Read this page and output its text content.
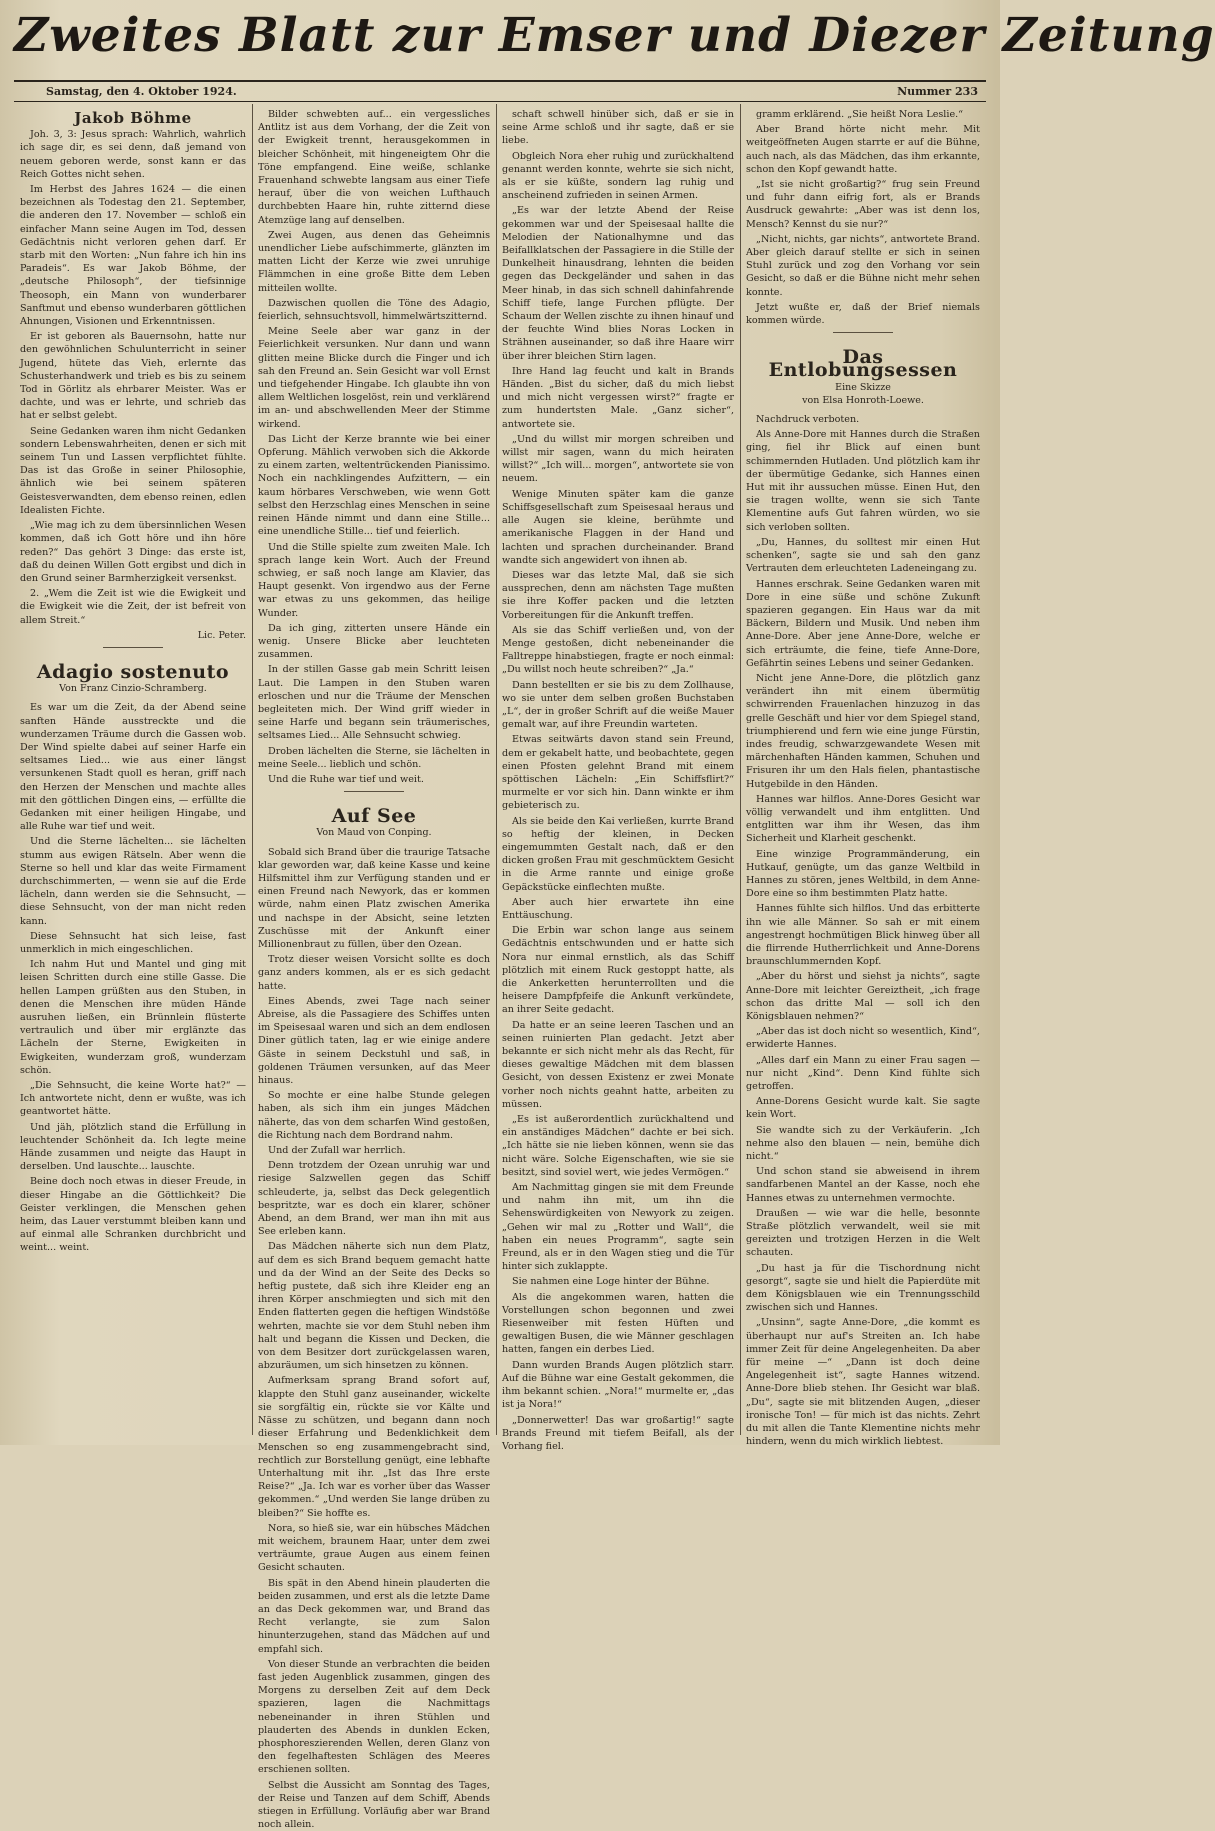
Zweites Blatt zur Emser und Diezer Zeitung
Samstag, den 4. Oktober 1924.	Nummer 233
Jakob Böhme

Joh. 3, 3: Jesus sprach: Wahrlich, wahrlich ich sage dir, es sei denn, daß jemand von neuem geboren werde, sonst kann er das Reich Gottes nicht sehen.

Im Herbst des Jahres 1624 — die einen bezeichnen als Todestag den 21. September, die anderen den 17. November — schloß ein einfacher Mann seine Augen im Tod, dessen Gedächtnis nicht verloren gehen darf. Er starb mit den Worten: „Nun fahre ich hin ins Paradeis“. Es war Jakob Böhme, der „deutsche Philosoph“, der tiefsinnige Theosoph, ein Mann von wunderbarer Sanftmut und ebenso wunderbaren göttlichen Ahnungen, Visionen und Erkenntnissen.

Er ist geboren als Bauernsohn, hatte nur den gewöhnlichen Schulunterricht in seiner Jugend, hütete das Vieh, erlernte das Schusterhandwerk und trieb es bis zu seinem Tod in Görlitz als ehrbarer Meister. Was er dachte, und was er lehrte, und schrieb das hat er selbst gelebt.

Seine Gedanken waren ihm nicht Gedanken sondern Lebenswahrheiten, denen er sich mit seinem Tun und Lassen verpflichtet fühlte. Das ist das Große in seiner Philosophie, ähnlich wie bei seinem späteren Geistesverwandten, dem ebenso reinen, edlen Idealisten Fichte.

„Wie mag ich zu dem übersinnlichen Wesen kommen, daß ich Gott höre und ihn höre reden?“ Das gehört 3 Dinge: das erste ist, daß du deinen Willen Gott ergibst und dich in den Grund seiner Barmherzigkeit versenkst.

2. „Wem die Zeit ist wie die Ewigkeit und die Ewigkeit wie die Zeit, der ist befreit von allem Streit.“

Lic. Peter.
Adagio sostenuto
Von Franz Cinzio-Schramberg.

Es war um die Zeit, da der Abend seine sanften Hände ausstreckte und die wunderzamen Träume durch die Gassen wob. Der Wind spielte dabei auf seiner Harfe ein seltsames Lied... wie aus einer längst versunkenen Stadt quoll es heran, griff nach den Herzen der Menschen und machte alles mit den göttlichen Dingen eins, — erfüllte die Gedanken mit einer heiligen Hingabe, und alle Ruhe war tief und weit.

Und die Sterne lächelten... sie lächelten stumm aus ewigen Rätseln. Aber wenn die Sterne so hell und klar das weite Firmament durchschimmerten, — wenn sie auf die Erde lächeln, dann werden sie die Sehnsucht, — diese Sehnsucht, von der man nicht reden kann.

Diese Sehnsucht hat sich leise, fast unmerklich in mich eingeschlichen.

Ich nahm Hut und Mantel und ging mit leisen Schritten durch eine stille Gasse. Die hellen Lampen grüßten aus den Stuben, in denen die Menschen ihre müden Hände ausruhen ließen, ein Brünnlein flüsterte vertraulich und über mir erglänzte das Lächeln der Sterne, Ewigkeiten in Ewigkeiten, wunderzam groß, wunderzam schön.

„Die Sehnsucht, die keine Worte hat?“ — Ich antwortete nicht, denn er wußte, was ich geantwortet hätte.

Und jäh, plötzlich stand die Erfüllung in leuchtender Schönheit da. Ich legte meine Hände zusammen und neigte das Haupt in derselben. Und lauschte... lauschte.

Beine doch noch etwas in dieser Freude, in dieser Hingabe an die Göttlichkeit? Die Geister verklingen, die Menschen gehen heim, das Lauer verstummt bleiben kann und auf einmal alle Schranken durchbricht und weint... weint.

Bilder schwebten auf... ein vergessliches Antlitz ist aus dem Vorhang, der die Zeit von der Ewigkeit trennt, herausgekommen in bleicher Schönheit, mit hingeneigtem Ohr die Töne empfangend. Eine weiße, schlanke Frauenhand schwebte langsam aus einer Tiefe herauf, über die von weichen Lufthauch durchbebten Haare hin, ruhte zitternd diese Atemzüge lang auf denselben.

Zwei Augen, aus denen das Geheimnis unendlicher Liebe aufschimmerte, glänzten im matten Licht der Kerze wie zwei unruhige Flämmchen in eine große Bitte dem Leben mitteilen wollte.

Dazwischen quollen die Töne des Adagio, feierlich, sehnsuchtsvoll, himmelwärtszitternd.

Meine Seele aber war ganz in der Feierlichkeit versunken. Nur dann und wann glitten meine Blicke durch die Finger und ich sah den Freund an. Sein Gesicht war voll Ernst und tiefgehender Hingabe. Ich glaubte ihn von allem Weltlichen losgelöst, rein und verklärend im an- und abschwellenden Meer der Stimme wirkend.

Das Licht der Kerze brannte wie bei einer Opferung. Mählich verwoben sich die Akkorde zu einem zarten, weltentrückenden Pianissimo. Noch ein nachklingendes Aufzittern, — ein kaum hörbares Verschweben, wie wenn Gott selbst den Herzschlag eines Menschen in seine reinen Hände nimmt und dann eine Stille... eine unendliche Stille... tief und feierlich.

Und die Stille spielte zum zweiten Male. Ich sprach lange kein Wort. Auch der Freund schwieg, er saß noch lange am Klavier, das Haupt gesenkt. Von irgendwo aus der Ferne war etwas zu uns gekommen, das heilige Wunder.

Da ich ging, zitterten unsere Hände ein wenig. Unsere Blicke aber leuchteten zusammen.

In der stillen Gasse gab mein Schritt leisen Laut. Die Lampen in den Stuben waren erloschen und nur die Träume der Menschen begleiteten mich. Der Wind griff wieder in seine Harfe und begann sein träumerisches, seltsames Lied... Alle Sehnsucht schwieg.

Droben lächelten die Sterne, sie lächelten in meine Seele... lieblich und schön.

Und die Ruhe war tief und weit.

Auf See
Von Maud von Conping.

Sobald sich Brand über die traurige Tatsache klar geworden war, daß keine Kasse und keine Hilfsmittel ihm zur Verfügung standen und er einen Freund nach Newyork, das er kommen würde, nahm einen Platz zwischen Amerika und nachspe in der Absicht, seine letzten Zuschüsse mit der Ankunft einer Millionenbraut zu füllen, über den Ozean.

Trotz dieser weisen Vorsicht sollte es doch ganz anders kommen, als er es sich gedacht hatte.

Eines Abends, zwei Tage nach seiner Abreise, als die Passagiere des Schiffes unten im Speisesaal waren und sich an dem endlosen Diner gütlich taten, lag er wie einige andere Gäste in seinem Deckstuhl und saß, in goldenen Träumen versunken, auf das Meer hinaus.

So mochte er eine halbe Stunde gelegen haben, als sich ihm ein junges Mädchen näherte, das von dem scharfen Wind gestoßen, die Richtung nach dem Bordrand nahm.

Und der Zufall war herrlich.

Denn trotzdem der Ozean unruhig war und riesige Salzwellen gegen das Schiff schleuderte, ja, selbst das Deck gelegentlich bespritzte, war es doch ein klarer, schöner Abend, an dem Brand, wer man ihn mit aus See erleben kann.

Das Mädchen näherte sich nun dem Platz, auf dem es sich Brand bequem gemacht hatte und da der Wind an der Seite des Decks so heftig pustete, daß sich ihre Kleider eng an ihren Körper anschmiegten und sich mit den Enden flatterten gegen die heftigen Windstöße wehrten, machte sie vor dem Stuhl neben ihm halt und begann die Kissen und Decken, die von dem Besitzer dort zurückgelassen waren, abzuräumen, um sich hinsetzen zu können.

Aufmerksam sprang Brand sofort auf, klappte den Stuhl ganz auseinander, wickelte sie sorgfältig ein, rückte sie vor Kälte und Nässe zu schützen, und begann dann noch dieser Erfahrung und Bedenklichkeit dem Menschen so eng zusammengebracht sind, rechtlich zur Borstellung genügt, eine lebhafte Unterhaltung mit ihr. „Ist das Ihre erste Reise?“ „Ja. Ich war es vorher über das Wasser gekommen.“ „Und werden Sie lange drüben zu bleiben?“ Sie hoffte es.

Nora, so hieß sie, war ein hübsches Mädchen mit weichem, braunem Haar, unter dem zwei verträumte, graue Augen aus einem feinen Gesicht schauten.

Bis spät in den Abend hinein plauderten die beiden zusammen, und erst als die letzte Dame an das Deck gekommen war, und Brand das Recht verlangte, sie zum Salon hinunterzugehen, stand das Mädchen auf und empfahl sich.

Von dieser Stunde an verbrachten die beiden fast jeden Augenblick zusammen, gingen des Morgens zu derselben Zeit auf dem Deck spazieren, lagen die Nachmittags nebeneinander in ihren Stühlen und plauderten des Abends in dunklen Ecken, phosphoreszierenden Wellen, deren Glanz von den fegelhaftesten Schlägen des Meeres erschienen sollten.

Selbst die Aussicht am Sonntag des Tages, der Reise und Tanzen auf dem Schiff, Abends stiegen in Erfüllung. Vorläufig aber war Brand noch allein.

schaft schwell hinüber sich, daß er sie in seine Arme schloß und ihr sagte, daß er sie liebe.

Obgleich Nora eher ruhig und zurückhaltend genannt werden konnte, wehrte sie sich nicht, als er sie küßte, sondern lag ruhig und anscheinend zufrieden in seinen Armen.

„Es war der letzte Abend der Reise gekommen war und der Speisesaal hallte die Melodien der Nationalhymne und das Beifallklatschen der Passagiere in die Stille der Dunkelheit hinausdrang, lehnten die beiden gegen das Deckgeländer und sahen in das Meer hinab, in das sich schnell dahinfahrende Schiff tiefe, lange Furchen pflügte. Der Schaum der Wellen zischte zu ihnen hinauf und der feuchte Wind blies Noras Locken in Strähnen auseinander, so daß ihre Haare wirr über ihrer bleichen Stirn lagen.

Ihre Hand lag feucht und kalt in Brands Händen. „Bist du sicher, daß du mich liebst und mich nicht vergessen wirst?“ fragte er zum hundertsten Male. „Ganz sicher“, antwortete sie.

„Und du willst mir morgen schreiben und willst mir sagen, wann du mich heiraten willst?“ „Ich will... morgen“, antwortete sie von neuem.

Wenige Minuten später kam die ganze Schiffsgesellschaft zum Speisesaal heraus und alle Augen sie kleine, berühmte und amerikanische Flaggen in der Hand und lachten und sprachen durcheinander. Brand wandte sich angewidert von ihnen ab.

Dieses war das letzte Mal, daß sie sich aussprechen, denn am nächsten Tage mußten sie ihre Koffer packen und die letzten Vorbereitungen für die Ankunft treffen.

Als sie das Schiff verließen und, von der Menge gestoßen, dicht nebeneinander die Falltreppe hinabstiegen, fragte er noch einmal: „Du willst noch heute schreiben?“ „Ja.“

Dann bestellten er sie bis zu dem Zollhause, wo sie unter dem selben großen Buchstaben „L“, der in großer Schrift auf die weiße Mauer gemalt war, auf ihre Freundin warteten.

Etwas seitwärts davon stand sein Freund, dem er gekabelt hatte, und beobachtete, gegen einen Pfosten gelehnt Brand mit einem spöttischen Lächeln: „Ein Schiffsflirt?“ murmelte er vor sich hin. Dann winkte er ihm gebieterisch zu.

Als sie beide den Kai verließen, kurrte Brand so heftig der kleinen, in Decken eingemummten Gestalt nach, daß er den dicken großen Frau mit geschmücktem Gesicht in die Arme rannte und einige große Gepäckstücke einflechten mußte.

Aber auch hier erwartete ihn eine Enttäuschung.

Die Erbin war schon lange aus seinem Gedächtnis entschwunden und er hatte sich Nora nur einmal ernstlich, als das Schiff plötzlich mit einem Ruck gestoppt hatte, als die Ankerketten herunterrollten und die heisere Dampfpfeife die Ankunft verkündete, an ihrer Seite gedacht.

Da hatte er an seine leeren Taschen und an seinen ruinierten Plan gedacht. Jetzt aber bekannte er sich nicht mehr als das Recht, für dieses gewaltige Mädchen mit dem blassen Gesicht, von dessen Existenz er zwei Monate vorher noch nichts geahnt hatte, arbeiten zu müssen.

„Es ist außerordentlich zurückhaltend und ein anständiges Mädchen“ dachte er bei sich. „Ich hätte sie nie lieben können, wenn sie das nicht wäre. Solche Eigenschaften, wie sie sie besitzt, sind soviel wert, wie jedes Vermögen.“

Am Nachmittag gingen sie mit dem Freunde und nahm ihn mit, um ihn die Sehenswürdigkeiten von Newyork zu zeigen. „Gehen wir mal zu „Rotter und Wall“, die haben ein neues Programm“, sagte sein Freund, als er in den Wagen stieg und die Tür hinter sich zuklappte.

Sie nahmen eine Loge hinter der Bühne.

Als die angekommen waren, hatten die Vorstellungen schon begonnen und zwei Riesenweiber mit festen Hüften und gewaltigen Busen, die wie Männer geschlagen hatten, fangen ein derbes Lied.

Dann wurden Brands Augen plötzlich starr. Auf die Bühne war eine Gestalt gekommen, die ihm bekannt schien. „Nora!“ murmelte er, „das ist ja Nora!“

„Donnerwetter! Das war großartig!“ sagte Brands Freund mit tiefem Beifall, als der Vorhang fiel.

gramm erklärend. „Sie heißt Nora Leslie.“

Aber Brand hörte nicht mehr. Mit weitgeöffneten Augen starrte er auf die Bühne, auch nach, als das Mädchen, das ihm erkannte, schon den Kopf gewandt hatte.

„Ist sie nicht großartig?“ frug sein Freund und fuhr dann eifrig fort, als er Brands Ausdruck gewahrte: „Aber was ist denn los, Mensch? Kennst du sie nur?“

„Nicht, nichts, gar nichts“, antwortete Brand. Aber gleich darauf stellte er sich in seinen Stuhl zurück und zog den Vorhang vor sein Gesicht, so daß er die Bühne nicht mehr sehen konnte.

Jetzt wußte er, daß der Brief niemals kommen würde.

Das Entlobungsessen
Eine Skizze
von Elsa Honroth-Loewe.

Nachdruck verboten.

Als Anne-Dore mit Hannes durch die Straßen ging, fiel ihr Blick auf einen bunt schimmernden Hutladen. Und plötzlich kam ihr der übermütige Gedanke, sich Hannes einen Hut mit ihr aussuchen müsse. Einen Hut, den sie tragen wollte, wenn sie sich Tante Klementine aufs Gut fahren würden, wo sie sich verloben sollten.

„Du, Hannes, du solltest mir einen Hut schenken“, sagte sie und sah den ganz Vertrauten dem erleuchteten Ladeneingang zu.

Hannes erschrak. Seine Gedanken waren mit Dore in eine süße und schöne Zukunft spazieren gegangen. Ein Haus war da mit Bäckern, Bildern und Musik. Und neben ihm Anne-Dore. Aber jene Anne-Dore, welche er sich erträumte, die feine, tiefe Anne-Dore, Gefährtin seines Lebens und seiner Gedanken.

Nicht jene Anne-Dore, die plötzlich ganz verändert ihn mit einem übermütig schwirrenden Frauenlachen hinzuzog in das grelle Geschäft und hier vor dem Spiegel stand, triumphierend und fern wie eine junge Fürstin, indes freudig, schwarzgewandete Wesen mit märchenhaften Händen kammen, Schuhen und Frisuren ihr um den Hals fielen, phantastische Hutgebilde in den Händen.

Hannes war hilflos. Anne-Dores Gesicht war völlig verwandelt und ihm entglitten. Und entglitten war ihm ihr Wesen, das ihm Sicherheit und Klarheit geschenkt.

Eine winzige Programmänderung, ein Hutkauf, genügte, um das ganze Weltbild in Hannes zu stören, jenes Weltbild, in dem Anne-Dore eine so ihm bestimmten Platz hatte.

Hannes fühlte sich hilflos. Und das erbitterte ihn wie alle Männer. So sah er mit einem angestrengt hochmütigen Blick hinweg über all die flirrende Hutherrlichkeit und Anne-Dorens braunschlummernden Kopf.

„Aber du hörst und siehst ja nichts“, sagte Anne-Dore mit leichter Gereiztheit, „ich frage schon das dritte Mal — soll ich den Königsblauen nehmen?“

„Aber das ist doch nicht so wesentlich, Kind“, erwiderte Hannes.

„Alles darf ein Mann zu einer Frau sagen — nur nicht „Kind“. Denn Kind fühlte sich getroffen.

Anne-Dorens Gesicht wurde kalt. Sie sagte kein Wort.

Sie wandte sich zu der Verkäuferin. „Ich nehme also den blauen — nein, bemühe dich nicht.“

Und schon stand sie abweisend in ihrem sandfarbenen Mantel an der Kasse, noch ehe Hannes etwas zu unternehmen vermochte.

Draußen — wie war die helle, besonnte Straße plötzlich verwandelt, weil sie mit gereizten und trotzigen Herzen in die Welt schauten.

„Du hast ja für die Tischordnung nicht gesorgt“, sagte sie und hielt die Papierdüte mit dem Königsblauen wie ein Trennungsschild zwischen sich und Hannes.

„Unsinn“, sagte Anne-Dore, „die kommt es überhaupt nur auf's Streiten an. Ich habe immer Zeit für deine Angelegenheiten. Da aber für meine —“ „Dann ist doch deine Angelegenheit ist“, sagte Hannes witzend. Anne-Dore blieb stehen. Ihr Gesicht war blaß. „Du“, sagte sie mit blitzenden Augen, „dieser ironische Ton! — für mich ist das nichts. Zehrt du mit allen die Tante Klementine nichts mehr hindern, wenn du mich wirklich liebtest.
